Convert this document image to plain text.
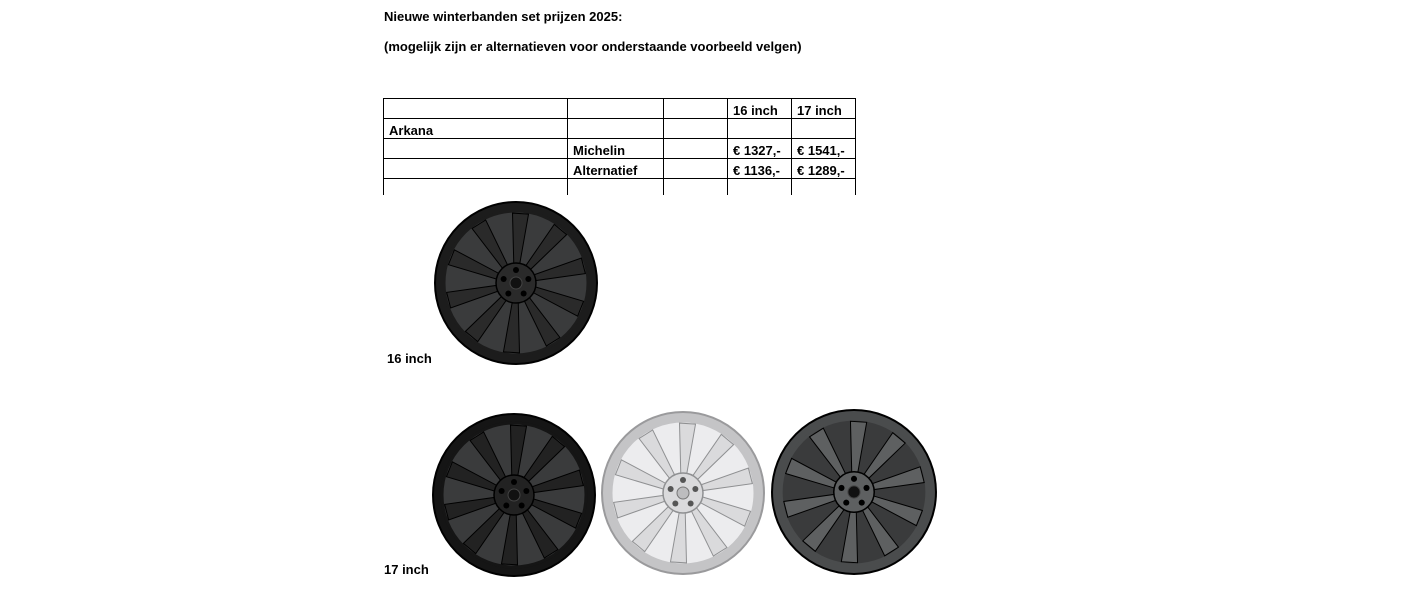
Nieuwe winterbanden set prijzen 2025:
(mogelijk zijn er alternatieven voor onderstaande voorbeeld velgen)
			16 inch	17 inch
Arkana				
	Michelin		€ 1327,-	€ 1541,-
	Alternatief		€ 1136,-	€ 1289,-

16 inch
17 inch
